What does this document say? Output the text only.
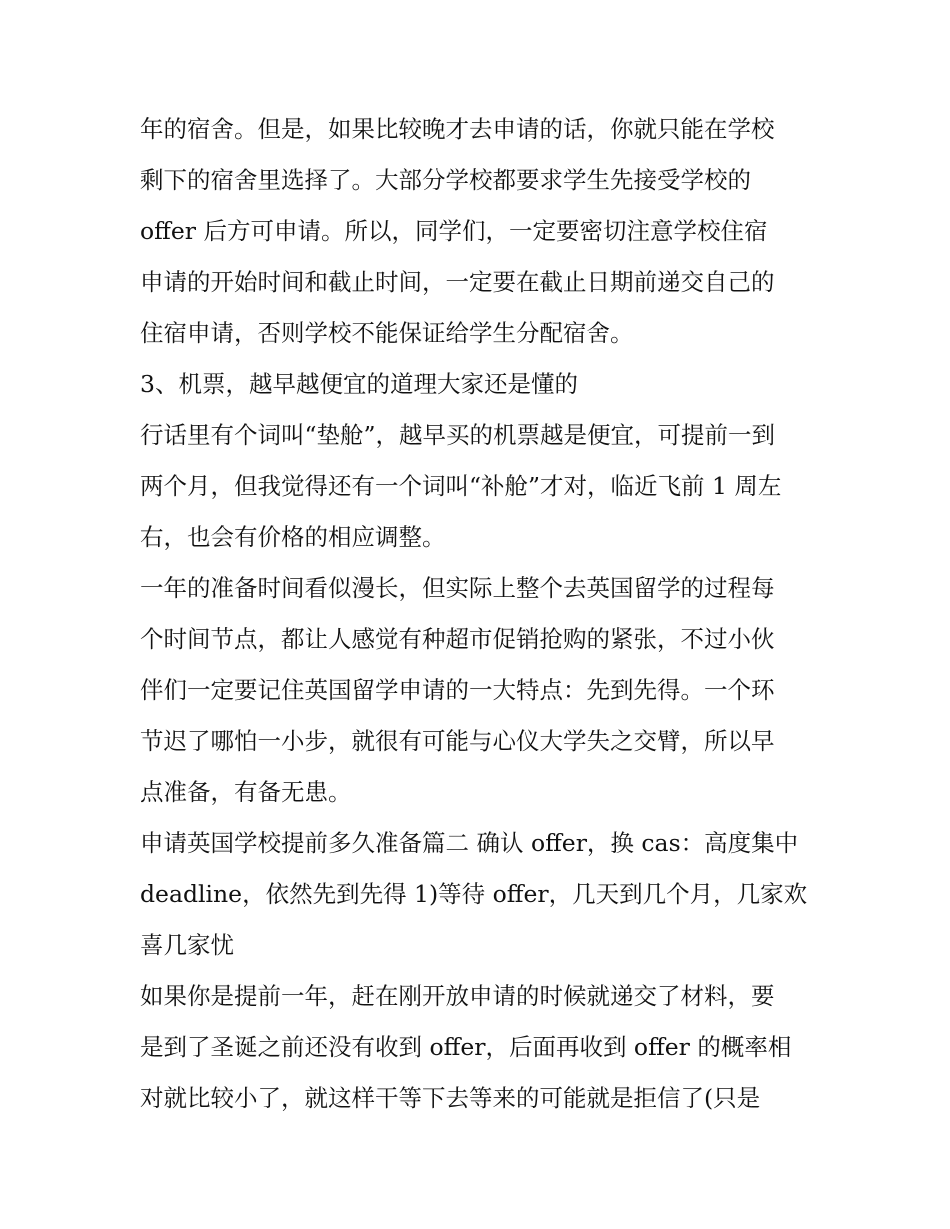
年的宿舍。但是，如果比较晚才去申请的话，你就只能在学校
剩下的宿舍里选择了。大部分学校都要求学生先接受学校的
offer 后方可申请。所以，同学们，一定要密切注意学校住宿
申请的开始时间和截止时间，一定要在截止日期前递交自己的
住宿申请，否则学校不能保证给学生分配宿舍。

3、机票，越早越便宜的道理大家还是懂的

行话里有个词叫“垫舱”，越早买的机票越是便宜，可提前一到
两个月，但我觉得还有一个词叫“补舱”才对，临近飞前 1 周左
右，也会有价格的相应调整。

一年的准备时间看似漫长，但实际上整个去英国留学的过程每
个时间节点，都让人感觉有种超市促销抢购的紧张，不过小伙
伴们一定要记住英国留学申请的一大特点：先到先得。一个环
节迟了哪怕一小步，就很有可能与心仪大学失之交臂，所以早
点准备，有备无患。

申请英国学校提前多久准备篇二 确认 offer，换 cas：高度集中
deadline，依然先到先得 1)等待 offer，几天到几个月，几家欢
喜几家忧

如果你是提前一年，赶在刚开放申请的时候就递交了材料，要
是到了圣诞之前还没有收到 offer，后面再收到 offer 的概率相
对就比较小了，就这样干等下去等来的可能就是拒信了(只是
